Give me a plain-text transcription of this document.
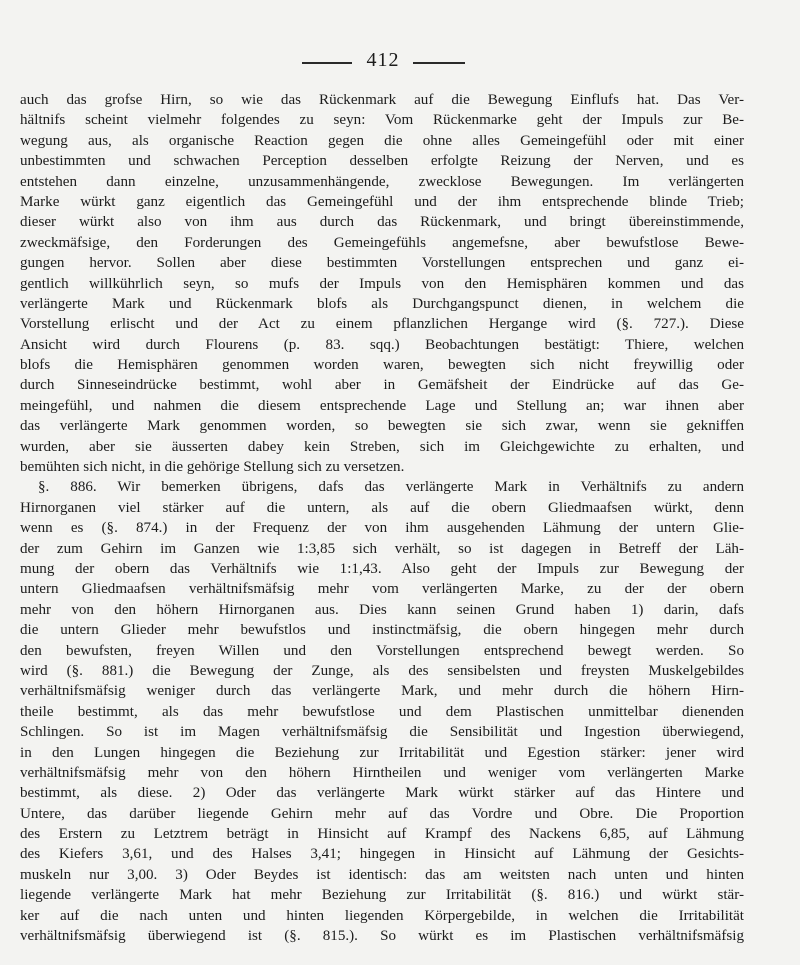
412
auch das grofse Hirn, so wie das Rückenmark auf die Bewegung Einflufs hat. Das Ver-
hältnifs scheint vielmehr folgendes zu seyn: Vom Rückenmarke geht der Impuls zur Be-
wegung aus, als organische Reaction gegen die ohne alles Gemeingefühl oder mit einer
unbestimmten und schwachen Perception desselben erfolgte Reizung der Nerven, und es
entstehen dann einzelne, unzusammenhängende, zwecklose Bewegungen. Im verlängerten
Marke würkt ganz eigentlich das Gemeingefühl und der ihm entsprechende blinde Trieb;
dieser würkt also von ihm aus durch das Rückenmark, und bringt übereinstimmende,
zweckmäfsige, den Forderungen des Gemeingefühls angemefsne, aber bewufstlose Bewe-
gungen hervor. Sollen aber diese bestimmten Vorstellungen entsprechen und ganz ei-
gentlich willkührlich seyn, so mufs der Impuls von den Hemisphären kommen und das
verlängerte Mark und Rückenmark blofs als Durchgangspunct dienen, in welchem die
Vorstellung erlischt und der Act zu einem pflanzlichen Hergange wird (§. 727.). Diese
Ansicht wird durch Flourens (p. 83. sqq.) Beobachtungen bestätigt: Thiere, welchen
blofs die Hemisphären genommen worden waren, bewegten sich nicht freywillig oder
durch Sinneseindrücke bestimmt, wohl aber in Gemäfsheit der Eindrücke auf das Ge-
meingefühl, und nahmen die diesem entsprechende Lage und Stellung an; war ihnen aber
das verlängerte Mark genommen worden, so bewegten sie sich zwar, wenn sie gekniffen
wurden, aber sie äusserten dabey kein Streben, sich im Gleichgewichte zu erhalten, und
bemühten sich nicht, in die gehörige Stellung sich zu versetzen.
§. 886. Wir bemerken übrigens, dafs das verlängerte Mark in Verhältnifs zu andern
Hirnorganen viel stärker auf die untern, als auf die obern Gliedmaafsen würkt, denn
wenn es (§. 874.) in der Frequenz der von ihm ausgehenden Lähmung der untern Glie-
der zum Gehirn im Ganzen wie 1:3,85 sich verhält, so ist dagegen in Betreff der Läh-
mung der obern das Verhältnifs wie 1:1,43. Also geht der Impuls zur Bewegung der
untern Gliedmaafsen verhältnifsmäfsig mehr vom verlängerten Marke, zu der der obern
mehr von den höhern Hirnorganen aus. Dies kann seinen Grund haben 1) darin, dafs
die untern Glieder mehr bewufstlos und instinctmäfsig, die obern hingegen mehr durch
den bewufsten, freyen Willen und den Vorstellungen entsprechend bewegt werden. So
wird (§. 881.) die Bewegung der Zunge, als des sensibelsten und freysten Muskelgebildes
verhältnifsmäfsig weniger durch das verlängerte Mark, und mehr durch die höhern Hirn-
theile bestimmt, als das mehr bewufstlose und dem Plastischen unmittelbar dienenden
Schlingen. So ist im Magen verhältnifsmäfsig die Sensibilität und Ingestion überwiegend,
in den Lungen hingegen die Beziehung zur Irritabilität und Egestion stärker: jener wird
verhältnifsmäfsig mehr von den höhern Hirntheilen und weniger vom verlängerten Marke
bestimmt, als diese. 2) Oder das verlängerte Mark würkt stärker auf das Hintere und
Untere, das darüber liegende Gehirn mehr auf das Vordre und Obre. Die Proportion
des Erstern zu Letztrem beträgt in Hinsicht auf Krampf des Nackens 6,85, auf Lähmung
des Kiefers 3,61, und des Halses 3,41; hingegen in Hinsicht auf Lähmung der Gesichts-
muskeln nur 3,00. 3) Oder Beydes ist identisch: das am weitsten nach unten und hinten
liegende verlängerte Mark hat mehr Beziehung zur Irritabilität (§. 816.) und würkt stär-
ker auf die nach unten und hinten liegenden Körpergebilde, in welchen die Irritabilität
verhältnifsmäfsig überwiegend ist (§. 815.). So würkt es im Plastischen verhältnifsmäfsig
